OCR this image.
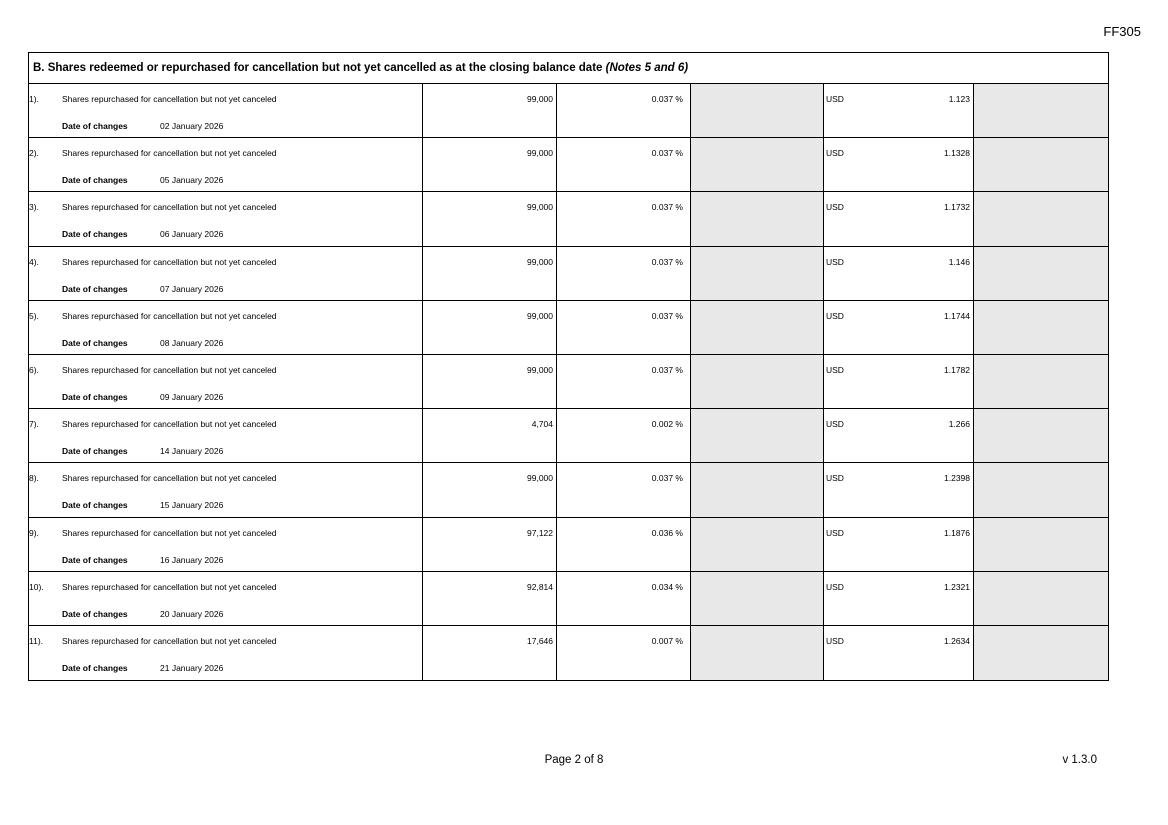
FF305
B. Shares redeemed or repurchased for cancellation but not yet cancelled as at the closing balance date (Notes 5 and 6)
1).	Shares repurchased for cancellation but not yet canceled
Date of changes	02 January 2026
99,000	0.037 %	USD	1.123
2).	Shares repurchased for cancellation but not yet canceled
Date of changes	05 January 2026
99,000	0.037 %	USD	1.1328
3).	Shares repurchased for cancellation but not yet canceled
Date of changes	06 January 2026
99,000	0.037 %	USD	1.1732
4).	Shares repurchased for cancellation but not yet canceled
Date of changes	07 January 2026
99,000	0.037 %	USD	1.146
5).	Shares repurchased for cancellation but not yet canceled
Date of changes	08 January 2026
99,000	0.037 %	USD	1.1744
6).	Shares repurchased for cancellation but not yet canceled
Date of changes	09 January 2026
99,000	0.037 %	USD	1.1782
7).	Shares repurchased for cancellation but not yet canceled
Date of changes	14 January 2026
4,704	0.002 %	USD	1.266
8).	Shares repurchased for cancellation but not yet canceled
Date of changes	15 January 2026
99,000	0.037 %	USD	1.2398
9).	Shares repurchased for cancellation but not yet canceled
Date of changes	16 January 2026
97,122	0.036 %	USD	1.1876
10). Shares repurchased for cancellation but not yet canceled
Date of changes	20 January 2026
92,814	0.034 %	USD	1.2321
11). Shares repurchased for cancellation but not yet canceled
Date of changes	21 January 2026
17,646	0.007 %	USD	1.2634
Page 2 of 8	v 1.3.0
